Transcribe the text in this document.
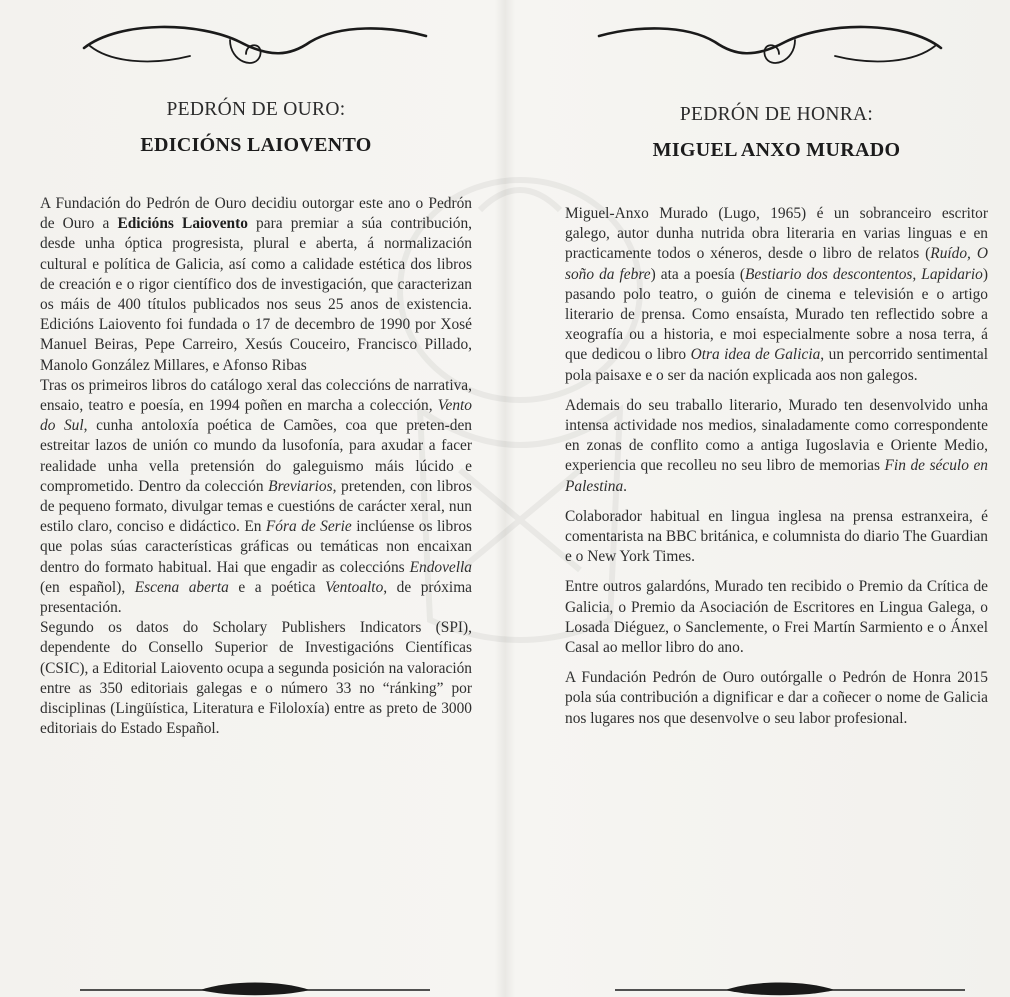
PEDRÓN DE OURO:
EDICIÓNS LAIOVENTO

A Fundación do Pedrón de Ouro decidiu outorgar este ano o Pedrón de Ouro a Edicións Laiovento para premiar a súa contribución, desde unha óptica progresista, plural e aberta, á normalización cultural e política de Galicia, así como a calidade estética dos libros de creación e o rigor científico dos de investigación, que caracterizan os máis de 400 títulos publicados nos seus 25 anos de existencia. Edicións Laiovento foi fundada o 17 de decembro de 1990 por Xosé Manuel Beiras, Pepe Carreiro, Xesús Couceiro, Francisco Pillado, Manolo González Millares, e Afonso Ribas

Tras os primeiros libros do catálogo xeral das coleccións de narrativa, ensaio, teatro e poesía, en 1994 poñen en marcha a colección, Vento do Sul, cunha antoloxía poética de Camões, coa que preten-den estreitar lazos de unión co mundo da lusofonía, para axudar a facer realidade unha vella pretensión do galeguismo máis lúcido e comprometido. Dentro da colección Breviarios, pretenden, con libros de pequeno formato, divulgar temas e cuestións de carácter xeral, nun estilo claro, conciso e didáctico. En Fóra de Serie inclúense os libros que polas súas características gráficas ou temáticas non encaixan dentro do formato habitual. Hai que engadir as coleccións Endovella (en español), Escena aberta e a poética Ventoalto, de próxima presentación.

Segundo os datos do Scholary Publishers Indicators (SPI), dependente do Consello Superior de Investigacións Científicas (CSIC), a Editorial Laiovento ocupa a segunda posición na valoración entre as 350 editoriais galegas e o número 33 no “ránking” por disciplinas (Lingüística, Literatura e Filoloxía) entre as preto de 3000 editoriais do Estado Español.

PEDRÓN DE HONRA:
MIGUEL ANXO MURADO

Miguel-Anxo Murado (Lugo, 1965) é un sobranceiro escritor galego, autor dunha nutrida obra literaria en varias linguas e en practicamente todos o xéneros, desde o libro de relatos (Ruído, O soño da febre) ata a poesía (Bestiario dos descontentos, Lapidario) pasando polo teatro, o guión de cinema e televisión e o artigo literario de prensa. Como ensaísta, Murado ten reflectido sobre a xeografía ou a historia, e moi especialmente sobre a nosa terra, á que dedicou o libro Otra idea de Galicia, un percorrido sentimental pola paisaxe e o ser da nación explicada aos non galegos.

Ademais do seu traballo literario, Murado ten desenvolvido unha intensa actividade nos medios, sinaladamente como correspondente en zonas de conflito como a antiga Iugoslavia e Oriente Medio, experiencia que recolleu no seu libro de memorias Fin de século en Palestina.

Colaborador habitual en lingua inglesa na prensa estranxeira, é comentarista na BBC británica, e columnista do diario The Guardian e o New York Times.

Entre outros galardóns, Murado ten recibido o Premio da Crítica de Galicia, o Premio da Asociación de Escritores en Lingua Galega, o Losada Diéguez, o Sanclemente, o Frei Martín Sarmiento e o Ánxel Casal ao mellor libro do ano.

A Fundación Pedrón de Ouro outórgalle o Pedrón de Honra 2015 pola súa contribución a dignificar e dar a coñecer o nome de Galicia nos lugares nos que desenvolve o seu labor profesional.
